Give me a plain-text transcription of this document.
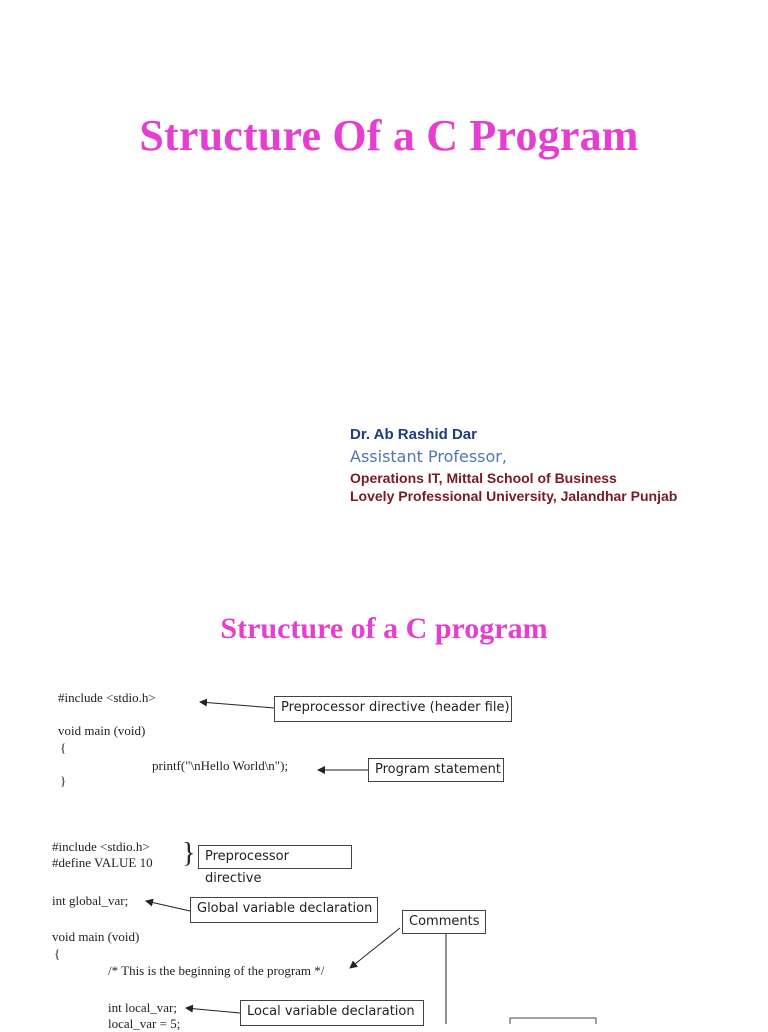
Structure Of a C Program

Dr. Ab Rashid Dar

Assistant Professor,

Operations IT, Mittal School of Business

Lovely Professional University, Jalandhar Punjab

Structure of a C program
#include <stdio.h>
void main (void)
{
printf("\nHello World\n");
}
Preprocessor directive (header file)
Program statement
#include <stdio.h>
#define VALUE 10 }
int global_var;
void main (void)
{
/* This is the beginning of the program */
int local_var;
local_var = 5;
Preprocessor
directive
Global variable declaration
Comments
Local variable declaration
